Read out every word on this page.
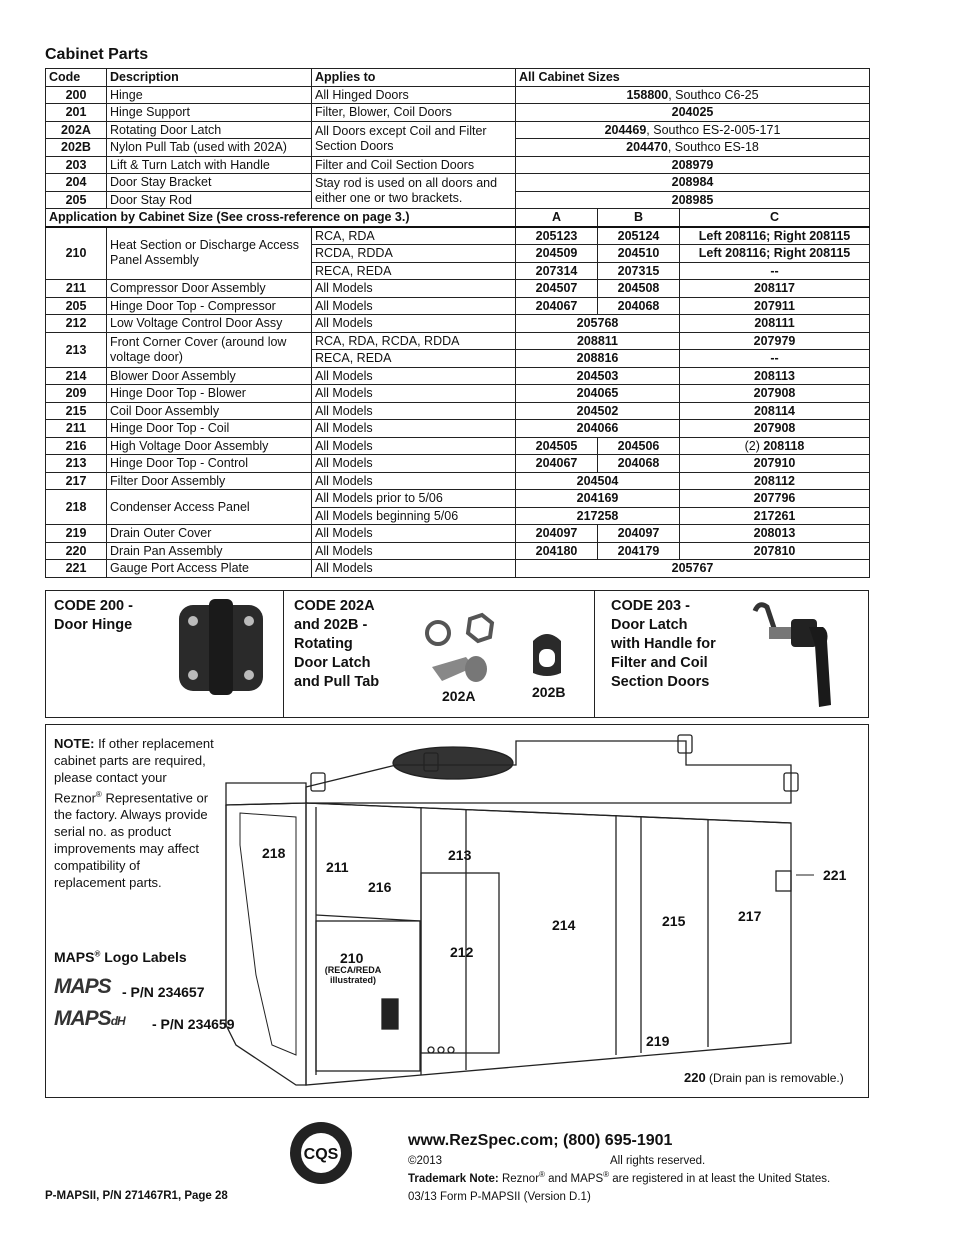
Cabinet Parts
Code	Description	Applies to	All Cabinet Sizes		
200	Hinge	All Hinged Doors	158800, Southco C6-25		
201	Hinge Support	Filter, Blower, Coil Doors	204025		
202A	Rotating Door Latch	All Doors except Coil and Filter Section Doors	204469, Southco ES-2-005-171		
202B	Nylon Pull Tab (used with 202A)		204470, Southco ES-18		
203	Lift & Turn Latch with Handle	Filter and Coil Section Doors	208979		
204	Door Stay Bracket	Stay rod is used on all doors and either one or two brackets.	208984		
205	Door Stay Rod		208985		
Application by Cabinet Size (See cross-reference on page 3.)			A	B	C
210	Heat Section or Discharge Access Panel Assembly	RCA, RDA	205123	205124	Left 208116; Right 208115
		RCDA, RDDA	204509	204510	Left 208116; Right 208115
		RECA, REDA	207314	207315	--
211	Compressor Door Assembly	All Models	204507	204508	208117
205	Hinge Door Top - Compressor	All Models	204067	204068	207911
212	Low Voltage Control Door Assy	All Models	205768		208111
213	Front Corner Cover (around low voltage door)	RCA, RDA, RCDA, RDDA	208811		207979
		RECA, REDA	208816		--
214	Blower Door Assembly	All Models	204503		208113
209	Hinge Door Top - Blower	All Models	204065		207908
215	Coil Door Assembly	All Models	204502		208114
211	Hinge Door Top - Coil	All Models	204066		207908
216	High Voltage Door Assembly	All Models	204505	204506	(2) 208118
213	Hinge Door Top - Control	All Models	204067	204068	207910
217	Filter Door Assembly	All Models	204504		208112
218	Condenser Access Panel	All Models prior to 5/06	204169		207796
		All Models beginning 5/06	217258		217261
219	Drain Outer Cover	All Models	204097	204097	208013
220	Drain Pan Assembly	All Models	204180	204179	207810
221	Gauge Port Access Plate	All Models	205767		
CODE 200 -
Door Hinge
CODE 202A
and 202B -
Rotating
Door Latch
and Pull Tab
202A	202B
CODE 203 -
Door Latch
with Handle for
Filter and Coil
Section Doors
NOTE: If other replacement cabinet parts are required, please contact your Reznor® Representative or the factory. Always provide serial no. as product improvements may affect compatibility of replacement parts.
MAPS® Logo Labels
MAPS - P/N 234657
MAPSdH - P/N 234659
218
211
216
213
214
212
215	217
221
210
(RECA/REDA illustrated)
219
220 (Drain pan is removable.)
CQS
www.RezSpec.com; (800) 695-1901
©2013	All rights reserved.
Trademark Note: Reznor® and MAPS® are registered in at least the United States.
P-MAPSII, P/N 271467R1, Page 28	03/13 Form P-MAPSII (Version D.1)
